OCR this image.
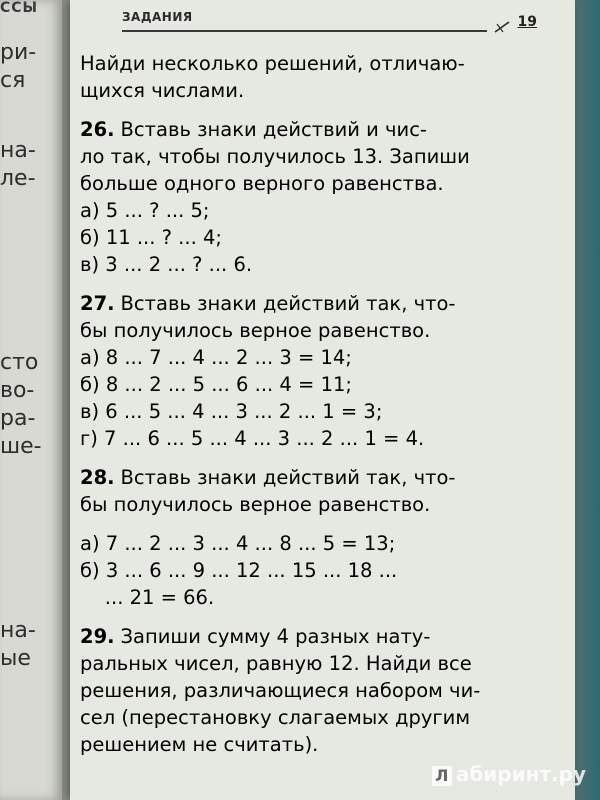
ССЫ
ри-
ся
на-
ле-
сто
во-
ра-
ше-
на-
ые
ЗАДАНИЯ	19

Найди несколько решений, отличаю-

щихся числами.

26. Вставь знаки действий и чис-

ло так, чтобы получилось 13. Запиши

больше одного верного равенства.

а) 5 ... ? ... 5;
б) 11 ... ? ... 4;
в) 3 ... 2 ... ? ... 6.

27. Вставь знаки действий так, что-

бы получилось верное равенство.

а) 8 ... 7 ... 4 ... 2 ... 3 = 14;
б) 8 ... 2 ... 5 ... 6 ... 4 = 11;
в) 6 ... 5 ... 4 ... 3 ... 2 ... 1 = 3;
г) 7 ... 6 ... 5 ... 4 ... 3 ... 2 ... 1 = 4.

28. Вставь знаки действий так, что-

бы получилось верное равенство.

а) 7 ... 2 ... 3 ... 4 ... 8 ... 5 = 13;
б) 3 ... 6 ... 9 ... 12 ... 15 ... 18 ...
... 21 = 66.

29. Запиши сумму 4 разных нату-

ральных чисел, равную 12. Найди все

решения, различающиеся набором чи-

сел (перестановку слагаемых другим

решением не считать).

Л абиринт.ру
